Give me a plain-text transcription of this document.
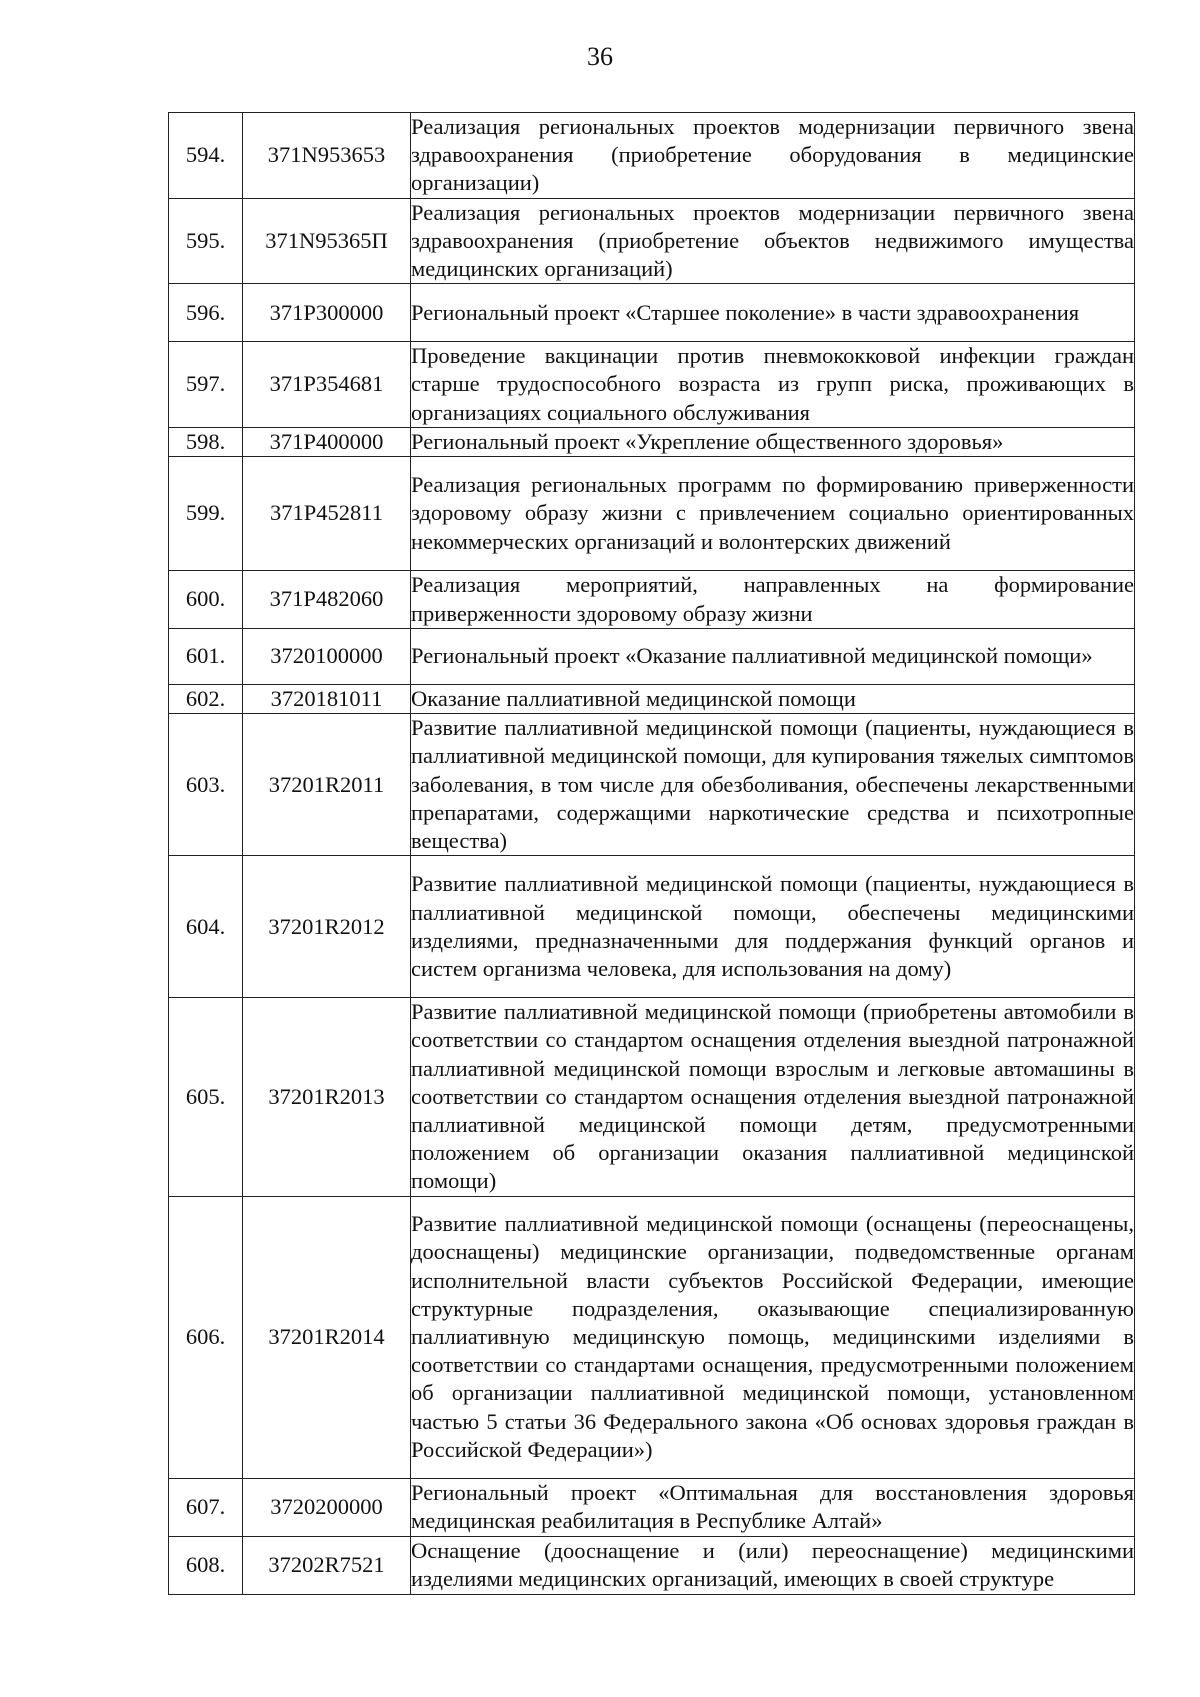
36
594.	371N953653	Реализация региональных проектов модернизации первичного звена здравоохранения (приобретение оборудования в медицинские организации)
595.	371N95365П	Реализация региональных проектов модернизации первичного звена здравоохранения (приобретение объектов недвижимого имущества медицинских организаций)
596.	371Р300000	Региональный проект «Старшее поколение» в части здравоохранения
597.	371Р354681	Проведение вакцинации против пневмококковой инфекции граждан старше трудоспособного возраста из групп риска, проживающих в организациях социального обслуживания
598.	371Р400000	Региональный проект «Укрепление общественного здоровья»
599.	371Р452811	Реализация региональных программ по формированию приверженности здоровому образу жизни с привлечением социально ориентированных некоммерческих организаций и волонтерских движений
600.	371Р482060	Реализация мероприятий, направленных на формирование приверженности здоровому образу жизни
601.	3720100000	Региональный проект «Оказание паллиативной медицинской помощи»
602.	3720181011	Оказание паллиативной медицинской помощи
603.	37201R2011	Развитие паллиативной медицинской помощи (пациенты, нуждающиеся в паллиативной медицинской помощи, для купирования тяжелых симптомов заболевания, в том числе для обезболивания, обеспечены лекарственными препаратами, содержащими наркотические средства и психотропные вещества)
604.	37201R2012	Развитие паллиативной медицинской помощи (пациенты, нуждающиеся в паллиативной медицинской помощи, обеспечены медицинскими изделиями, предназначенными для поддержания функций органов и систем организма человека, для использования на дому)
605.	37201R2013	Развитие паллиативной медицинской помощи (приобретены автомобили в соответствии со стандартом оснащения отделения выездной патронажной паллиативной медицинской помощи взрослым и легковые автомашины в соответствии со стандартом оснащения отделения выездной патронажной паллиативной медицинской помощи детям, предусмотренными положением об организации оказания паллиативной медицинской помощи)
606.	37201R2014	Развитие паллиативной медицинской помощи (оснащены (переоснащены, дооснащены) медицинские организации, подведомственные органам исполнительной власти субъектов Российской Федерации, имеющие структурные подразделения, оказывающие специализированную паллиативную медицинскую помощь, медицинскими изделиями в соответствии со стандартами оснащения, предусмотренными положением об организации паллиативной медицинской помощи, установленном частью 5 статьи 36 Федерального закона «Об основах здоровья граждан в Российской Федерации»)
607.	3720200000	Региональный проект «Оптимальная для восстановления здоровья медицинская реабилитация в Республике Алтай»
608.	37202R7521	Оснащение (дооснащение и (или) переоснащение) медицинскими изделиями медицинских организаций, имеющих в своей структуре
